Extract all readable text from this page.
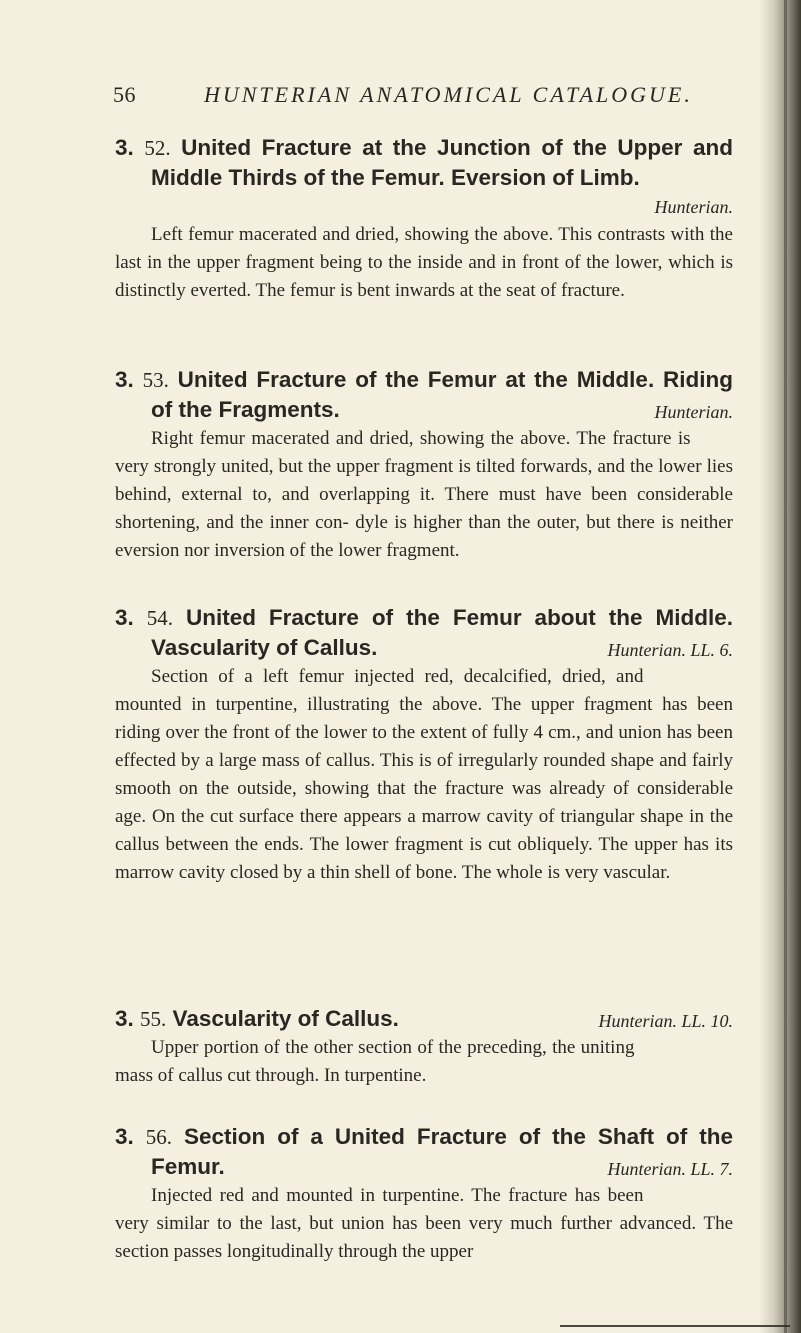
56	HUNTERIAN ANATOMICAL CATALOGUE.

3. 52. United Fracture at the Junction of the Upper and Middle Thirds of the Femur. Eversion of Limb.

Hunterian.

Left femur macerated and dried, showing the above. This contrasts with the last in the upper fragment being to the inside and in front of the lower, which is distinctly everted. The femur is bent inwards at the seat of fracture.

3. 53. United Fracture of the Femur at the Middle. Riding of the Fragments.	Hunterian.

Right femur macerated and dried, showing the above. The fracture is very strongly united, but the upper fragment is tilted forwards, and the lower lies behind, external to, and overlapping it. There must have been considerable shortening, and the inner con- dyle is higher than the outer, but there is neither eversion nor inversion of the lower fragment.

3. 54. United Fracture of the Femur about the Middle. Vascularity of Callus.	Hunterian. LL. 6.

Section of a left femur injected red, decalcified, dried, and mounted in turpentine, illustrating the above. The upper fragment has been riding over the front of the lower to the extent of fully 4 cm., and union has been effected by a large mass of callus. This is of irregularly rounded shape and fairly smooth on the outside, showing that the fracture was already of considerable age. On the cut surface there appears a marrow cavity of triangular shape in the callus between the ends. The lower fragment is cut obliquely. The upper has its marrow cavity closed by a thin shell of bone. The whole is very vascular.

3. 55. Vascularity of Callus.	Hunterian. LL. 10.

Upper portion of the other section of the preceding, the uniting mass of callus cut through. In turpentine.

3. 56. Section of a United Fracture of the Shaft of the Femur.	Hunterian. LL. 7.

Injected red and mounted in turpentine. The fracture has been very similar to the last, but union has been very much further advanced. The section passes longitudinally through the upper
